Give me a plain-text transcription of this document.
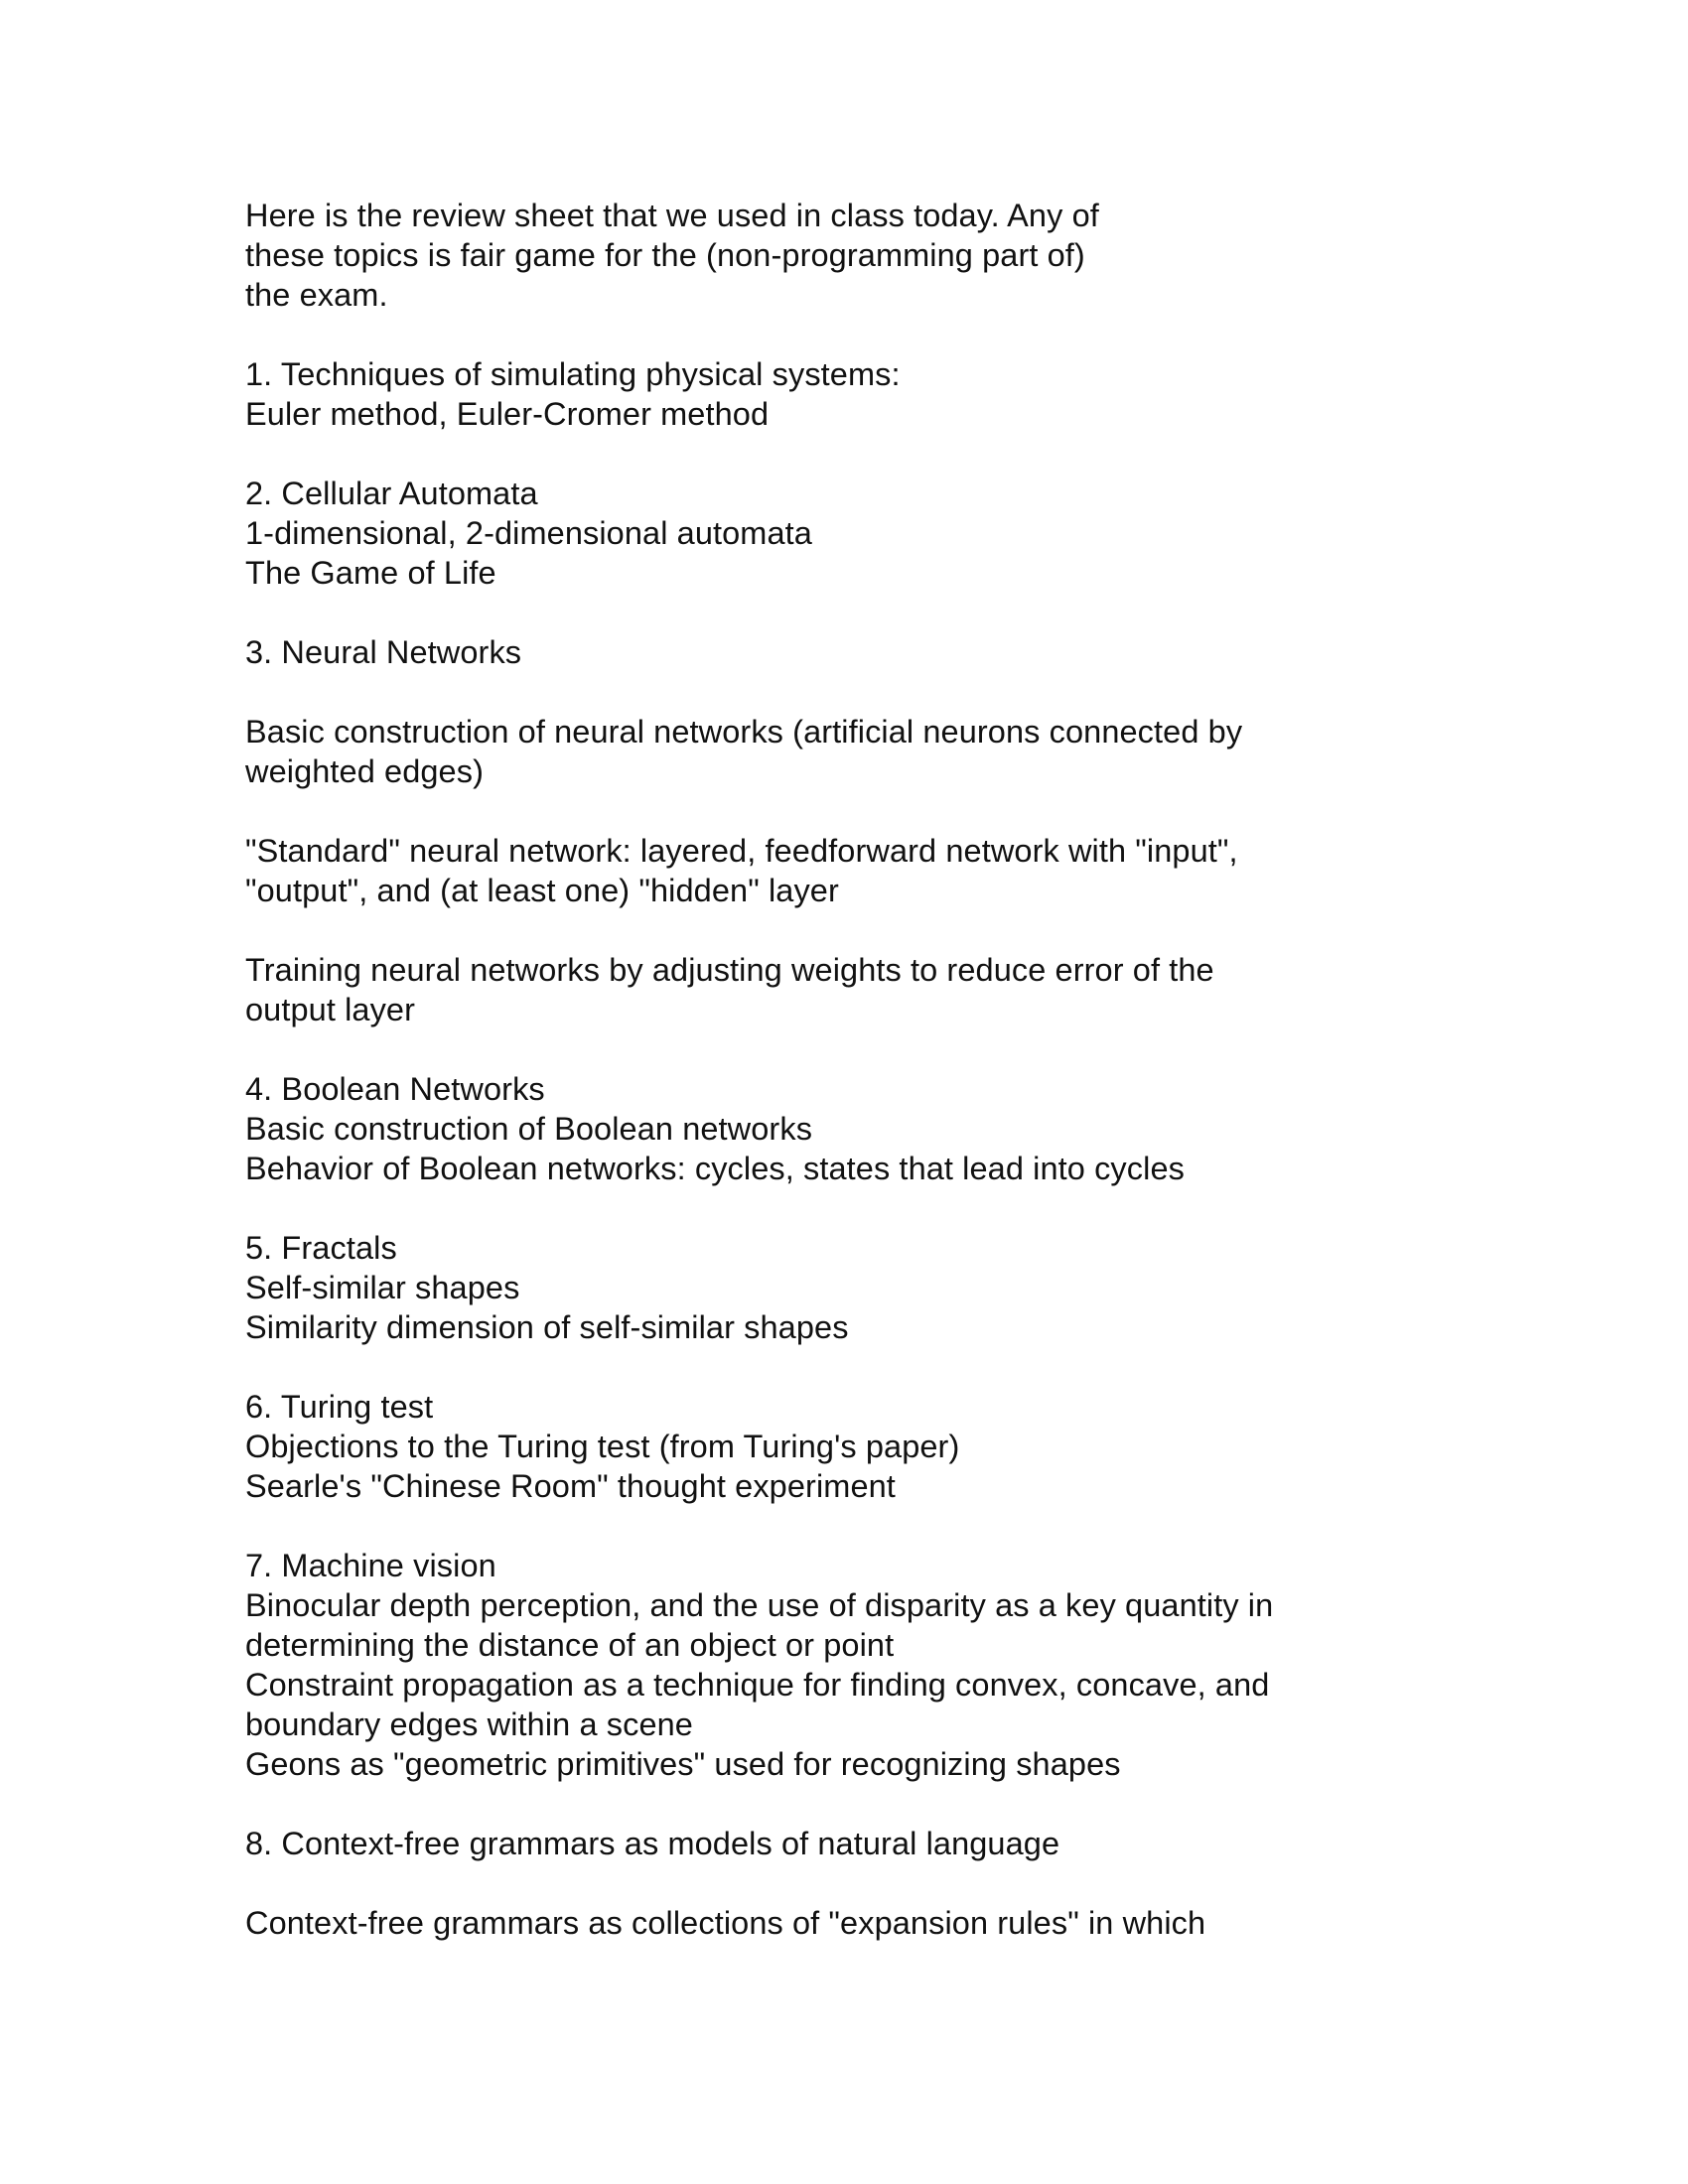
Here is the review sheet that we used in class today. Any of
these topics is fair game for the (non-programming part of)
the exam.
1. Techniques of simulating physical systems:
Euler method, Euler-Cromer method
2. Cellular Automata
1-dimensional, 2-dimensional automata
The Game of Life
3. Neural Networks
Basic construction of neural networks (artificial neurons connected by
weighted edges)
"Standard" neural network: layered, feedforward network with "input",
"output", and (at least one) "hidden" layer
Training neural networks by adjusting weights to reduce error of the
output layer
4. Boolean Networks
Basic construction of Boolean networks
Behavior of Boolean networks: cycles, states that lead into cycles
5. Fractals
Self-similar shapes
Similarity dimension of self-similar shapes
6. Turing test
Objections to the Turing test (from Turing's paper)
Searle's "Chinese Room" thought experiment
7. Machine vision
Binocular depth perception, and the use of disparity as a key quantity in
determining the distance of an object or point
Constraint propagation as a technique for finding convex, concave, and
boundary edges within a scene
Geons as "geometric primitives" used for recognizing shapes
8. Context-free grammars as models of natural language
Context-free grammars as collections of "expansion rules" in which
